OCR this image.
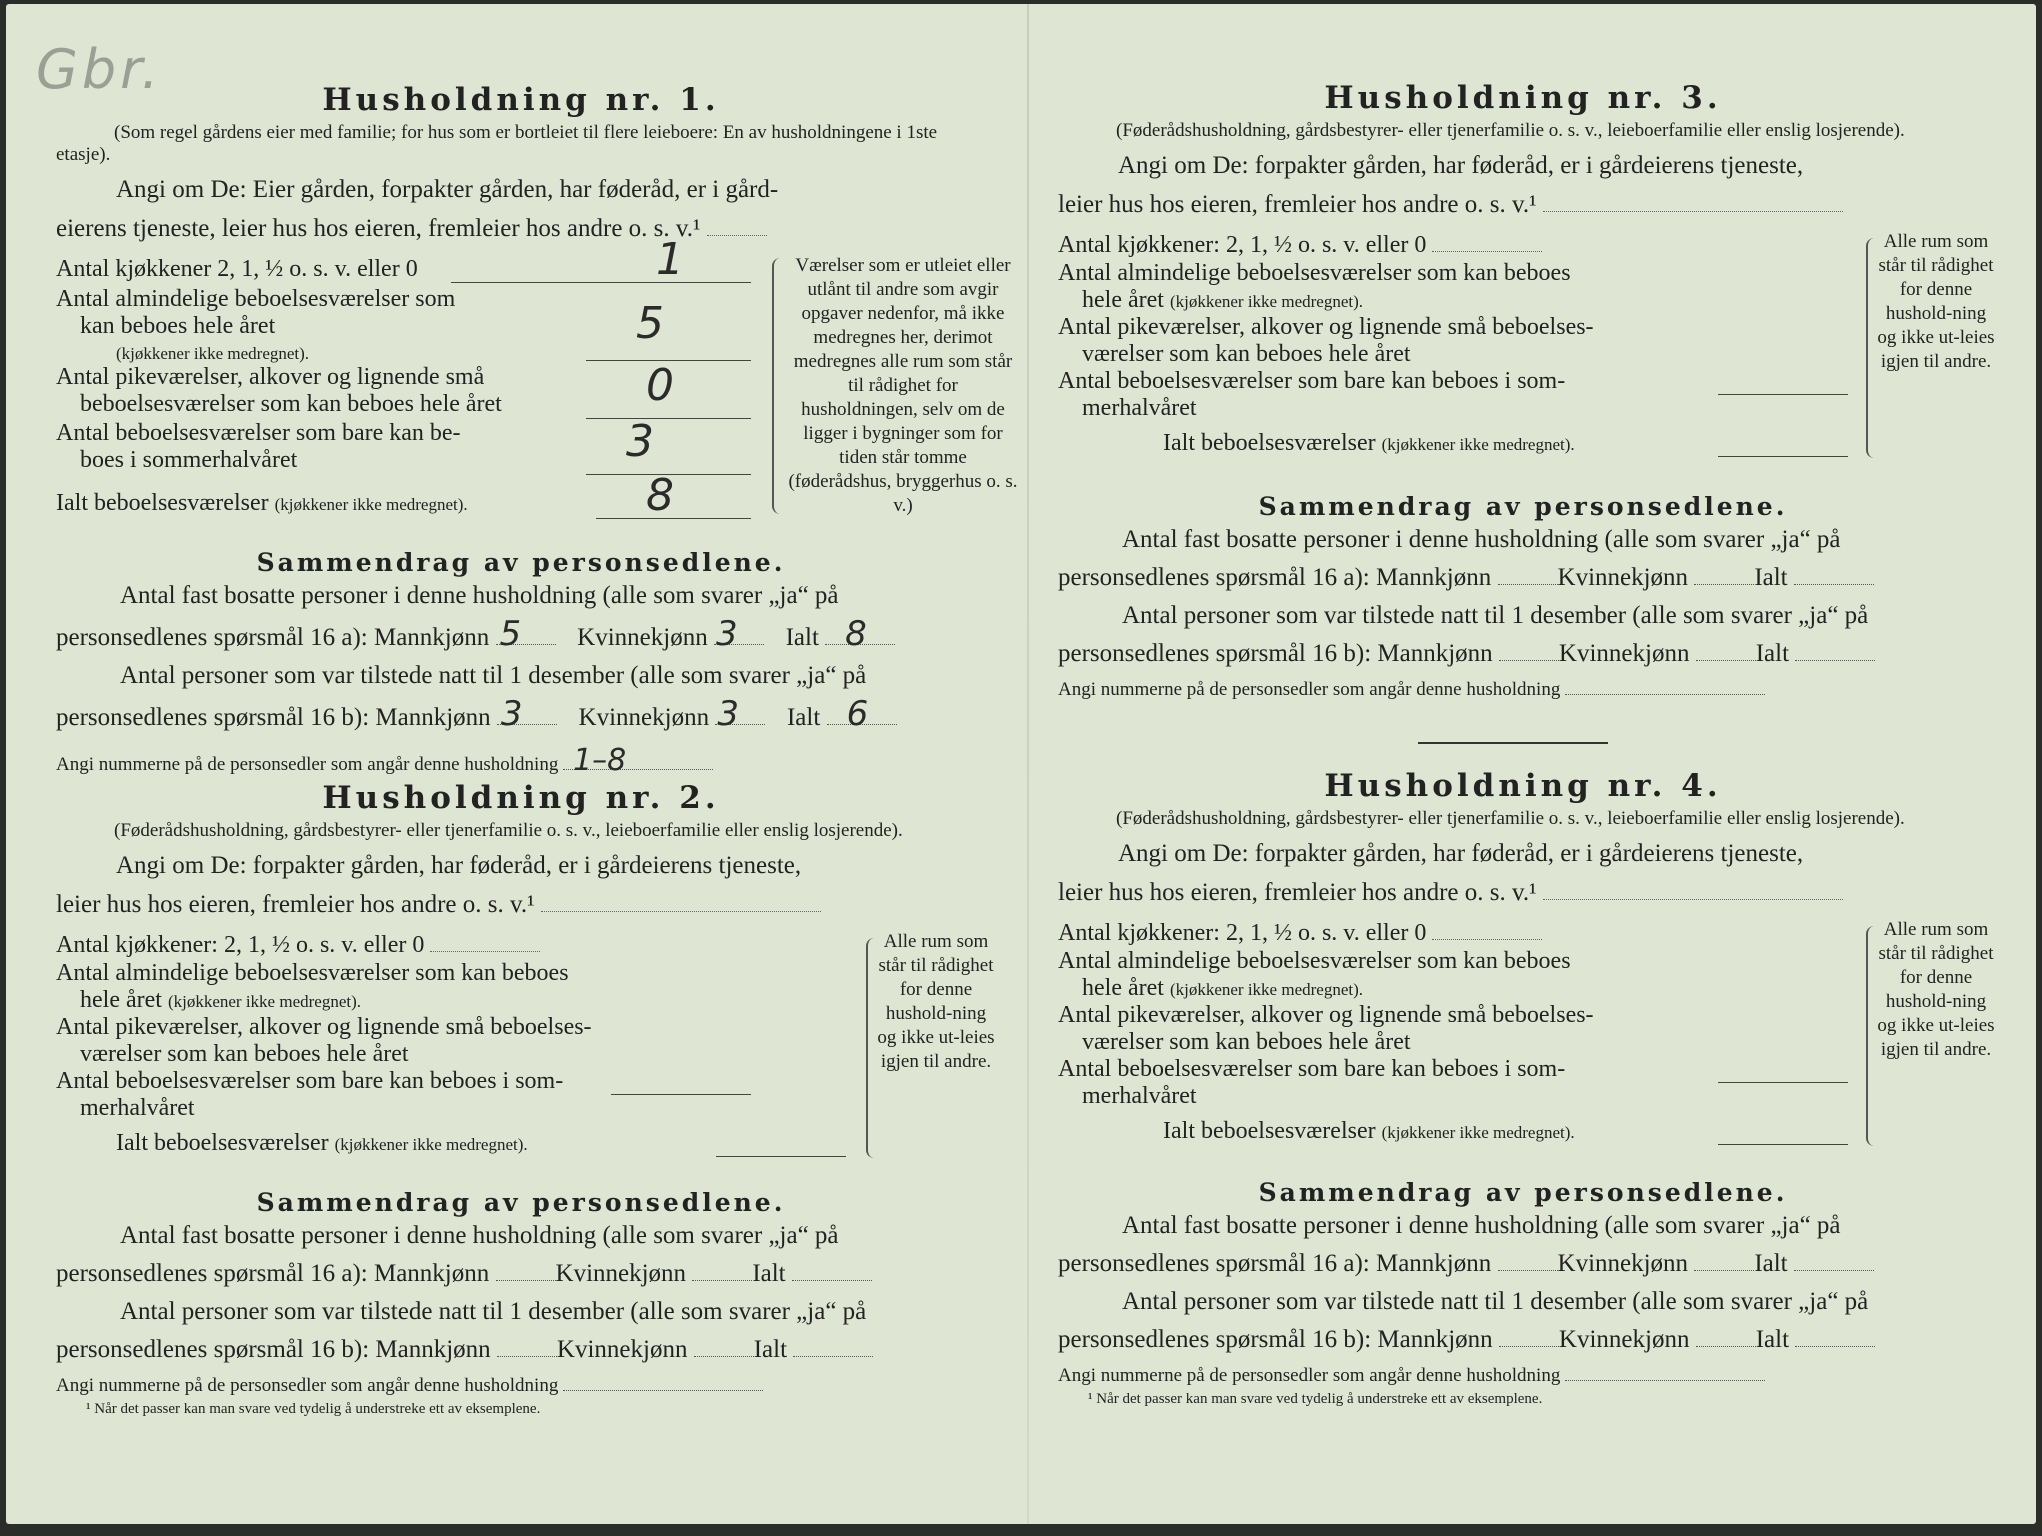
Gbr.	Husholdning nr. 1.
(Som regel gårdens eier med familie; for hus som er bortleiet til flere leieboere: En av husholdningene i 1ste etasje).
Angi om De: Eier gården, forpakter gården, har føderåd, er i gård-
eierens tjeneste, leier hus hos eieren, fremleier hos andre o. s. v.¹
Antal kjøkkener 2, 1, ½ o. s. v. eller 0	1
Antal almindelige beboelsesværelser som
kan beboes hele året
(kjøkkener ikke medregnet).
5
Antal pikeværelser, alkover og lignende små
beboelsesværelser som kan beboes hele året	0
Antal beboelsesværelser som bare kan be-
boes i sommerhalvåret	3
Ialt beboelsesværelser (kjøkkener ikke medregnet).	8
Værelser som er utleiet eller utlånt til andre som avgir opgaver nedenfor, må ikke medregnes her, derimot medregnes alle rum som står til rådighet for husholdningen, selv om de ligger i bygninger som for tiden står tomme (føderådshus, bryggerhus o. s. v.)
Sammendrag av personsedlene.
Antal fast bosatte personer i denne husholdning (alle som svarer „ja“ på
personsedlenes spørsmål 16 a): Mannkjønn 5 Kvinnekjønn 3 Ialt 8
Antal personer som var tilstede natt til 1 desember (alle som svarer „ja“ på
personsedlenes spørsmål 16 b): Mannkjønn 3 Kvinnekjønn 3 Ialt 6
Angi nummerne på de personsedler som angår denne husholdning 1–8
Husholdning nr. 2.
(Føderådshusholdning, gårdsbestyrer- eller tjenerfamilie o. s. v., leieboerfamilie eller enslig losjerende).
Angi om De: forpakter gården, har føderåd, er i gårdeierens tjeneste,
leier hus hos eieren, fremleier hos andre o. s. v.¹
Antal kjøkkener: 2, 1, ½ o. s. v. eller 0
Antal almindelige beboelsesværelser som kan beboes
hele året (kjøkkener ikke medregnet).
Antal pikeværelser, alkover og lignende små beboelses-
værelser som kan beboes hele året
Antal beboelsesværelser som bare kan beboes i som-
merhalvåret
Ialt beboelsesværelser (kjøkkener ikke medregnet).
Alle rum som står til rådighet for denne hushold-ning og ikke ut-leies igjen til andre.
Sammendrag av personsedlene.
Antal fast bosatte personer i denne husholdning (alle som svarer „ja“ på
personsedlenes spørsmål 16 a): Mannkjønn	Kvinnekjønn	Ialt
Antal personer som var tilstede natt til 1 desember (alle som svarer „ja“ på
personsedlenes spørsmål 16 b): Mannkjønn	Kvinnekjønn	Ialt
Angi nummerne på de personsedler som angår denne husholdning
¹ Når det passer kan man svare ved tydelig å understreke ett av eksemplene.
Husholdning nr. 3.
(Føderådshusholdning, gårdsbestyrer- eller tjenerfamilie o. s. v., leieboerfamilie eller enslig losjerende).
Angi om De: forpakter gården, har føderåd, er i gårdeierens tjeneste,
leier hus hos eieren, fremleier hos andre o. s. v.¹
Antal kjøkkener: 2, 1, ½ o. s. v. eller 0
Antal almindelige beboelsesværelser som kan beboes
hele året (kjøkkener ikke medregnet).
Antal pikeværelser, alkover og lignende små beboelses-
værelser som kan beboes hele året
Antal beboelsesværelser som bare kan beboes i som-
merhalvåret
Ialt beboelsesværelser (kjøkkener ikke medregnet).
Alle rum som står til rådighet for denne hushold-ning og ikke ut-leies igjen til andre.
Sammendrag av personsedlene.
Antal fast bosatte personer i denne husholdning (alle som svarer „ja“ på
personsedlenes spørsmål 16 a): Mannkjønn	Kvinnekjønn	Ialt
Antal personer som var tilstede natt til 1 desember (alle som svarer „ja“ på
personsedlenes spørsmål 16 b): Mannkjønn	Kvinnekjønn	Ialt
Angi nummerne på de personsedler som angår denne husholdning
Husholdning nr. 4.
(Føderådshusholdning, gårdsbestyrer- eller tjenerfamilie o. s. v., leieboerfamilie eller enslig losjerende).
Angi om De: forpakter gården, har føderåd, er i gårdeierens tjeneste,
leier hus hos eieren, fremleier hos andre o. s. v.¹
Antal kjøkkener: 2, 1, ½ o. s. v. eller 0
Antal almindelige beboelsesværelser som kan beboes
hele året (kjøkkener ikke medregnet).
Antal pikeværelser, alkover og lignende små beboelses-
værelser som kan beboes hele året
Antal beboelsesværelser som bare kan beboes i som-
merhalvåret
Ialt beboelsesværelser (kjøkkener ikke medregnet).
Alle rum som står til rådighet for denne hushold-ning og ikke ut-leies igjen til andre.
Sammendrag av personsedlene.
Antal fast bosatte personer i denne husholdning (alle som svarer „ja“ på
personsedlenes spørsmål 16 a): Mannkjønn	Kvinnekjønn	Ialt
Antal personer som var tilstede natt til 1 desember (alle som svarer „ja“ på
personsedlenes spørsmål 16 b): Mannkjønn	Kvinnekjønn	Ialt
Angi nummerne på de personsedler som angår denne husholdning
¹ Når det passer kan man svare ved tydelig å understreke ett av eksemplene.
